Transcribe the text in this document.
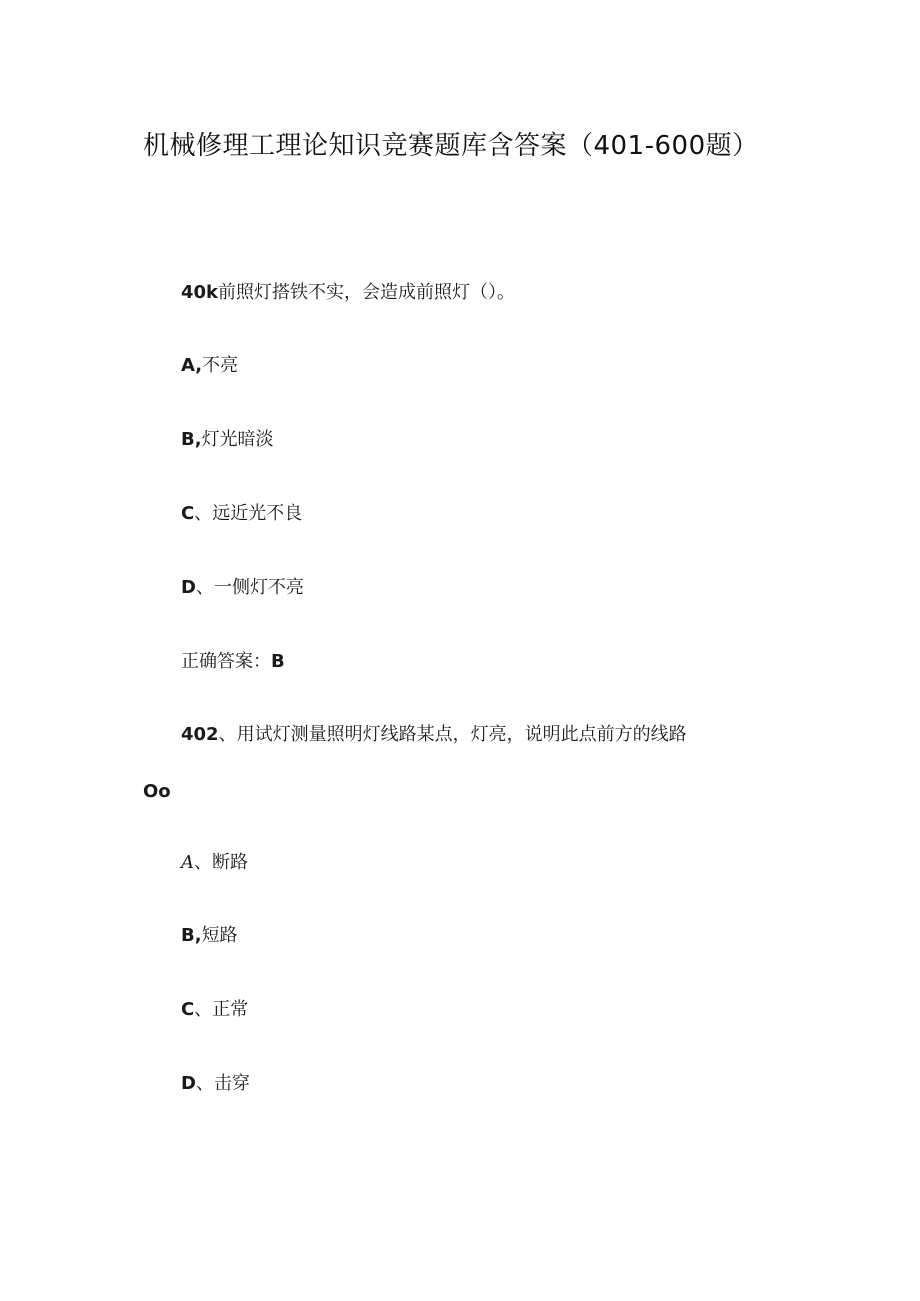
机械修理工理论知识竞赛题库含答案（401-600题）
40k前照灯搭铁不实，会造成前照灯（）。
A,不亮
B,灯光暗淡
C、远近光不良
D、一侧灯不亮
正确答案：B
402、用试灯测量照明灯线路某点，灯亮，说明此点前方的线路
Oo
A、断路
B,短路
C、正常
D、击穿
